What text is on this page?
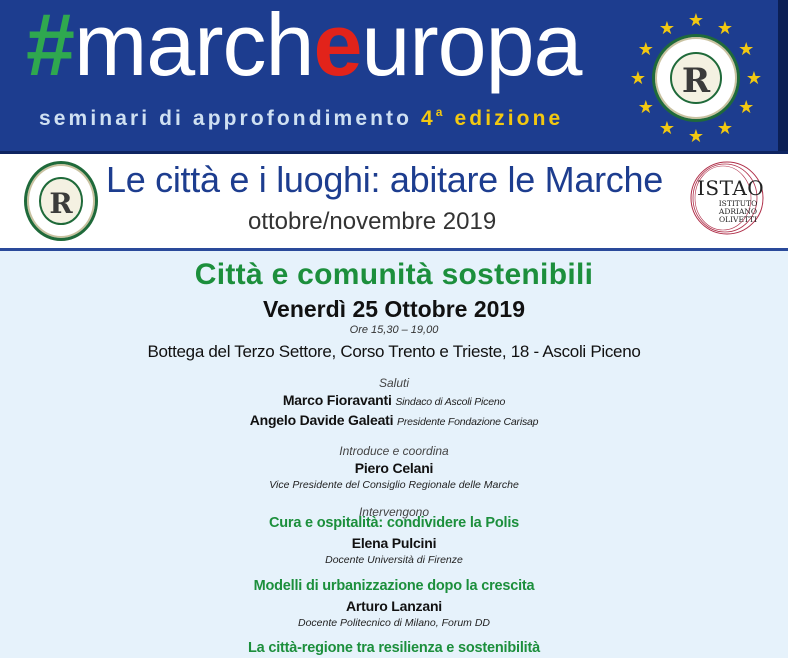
#marcheuropa
seminari di approfondimento 4$^a$ edizione
R
★ ★
★
★
★
★
★
★
★
★
★
★
R
Le città e i luoghi: abitare le Marche
ottobre/novembre 2019
ISTAO
ISTITUTO ADRIANO OLIVETTI
Città e comunità sostenibili
Venerdì 25 Ottobre 2019
Ore 15,30 – 19,00
Bottega del Terzo Settore, Corso Trento e Trieste, 18 - Ascoli Piceno
Saluti
Marco Fioravanti Sindaco di Ascoli Piceno
Angelo Davide Galeati Presidente Fondazione Carisap
Introduce e coordina
Piero Celani
Vice Presidente del Consiglio Regionale delle Marche
Intervengono
Cura e ospitalità: condividere la Polis
Elena Pulcini
Docente Università di Firenze
Modelli di urbanizzazione dopo la crescita
Arturo Lanzani
Docente Politecnico di Milano, Forum DD
La città-regione tra resilienza e sostenibilità
